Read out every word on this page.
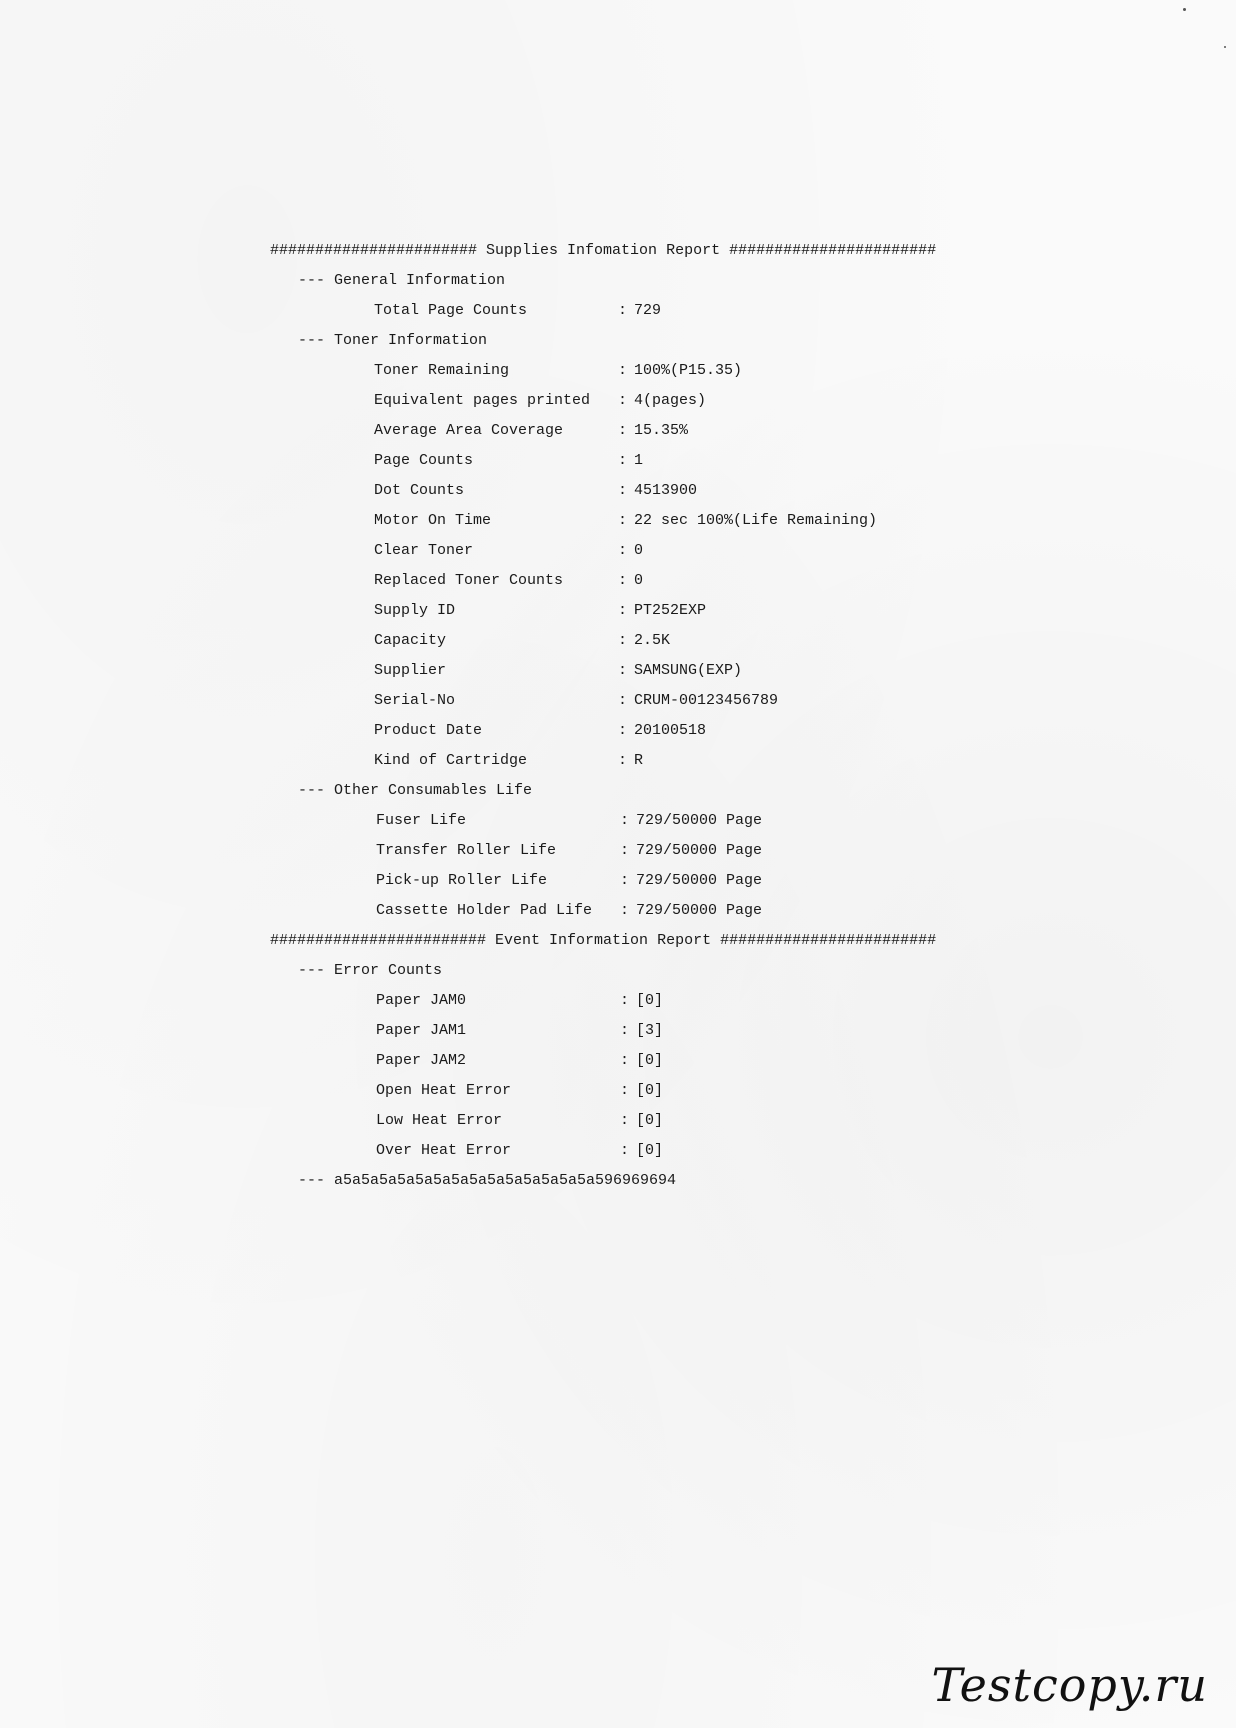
####################### Supplies Infomation Report #######################
--- General Information
Total Page Counts	: 729
--- Toner Information
Toner Remaining	: 100%(P15.35)
Equivalent pages printed : 4(pages)
Average Area Coverage	: 15.35%
Page Counts	: 1
Dot Counts	: 4513900
Motor On Time	: 22 sec 100%(Life Remaining)
Clear Toner	: 0
Replaced Toner Counts	: 0
Supply ID	: PT252EXP
Capacity	: 2.5K
Supplier	: SAMSUNG(EXP)
Serial-No	: CRUM-00123456789
Product Date	: 20100518
Kind of Cartridge	: R
--- Other Consumables Life
Fuser Life	: 729/50000 Page
Transfer Roller Life	: 729/50000 Page
Pick-up Roller Life	: 729/50000 Page
Cassette Holder Pad Life : 729/50000 Page
######################## Event Information Report ########################
--- Error Counts
Paper JAM0	: [0]
Paper JAM1	: [3]
Paper JAM2	: [0]
Open Heat Error	: [0]
Low Heat Error	: [0]
Over Heat Error	: [0]
--- a5a5a5a5a5a5a5a5a5a5a5a5a5a5a596969694
Testcopy.ru
